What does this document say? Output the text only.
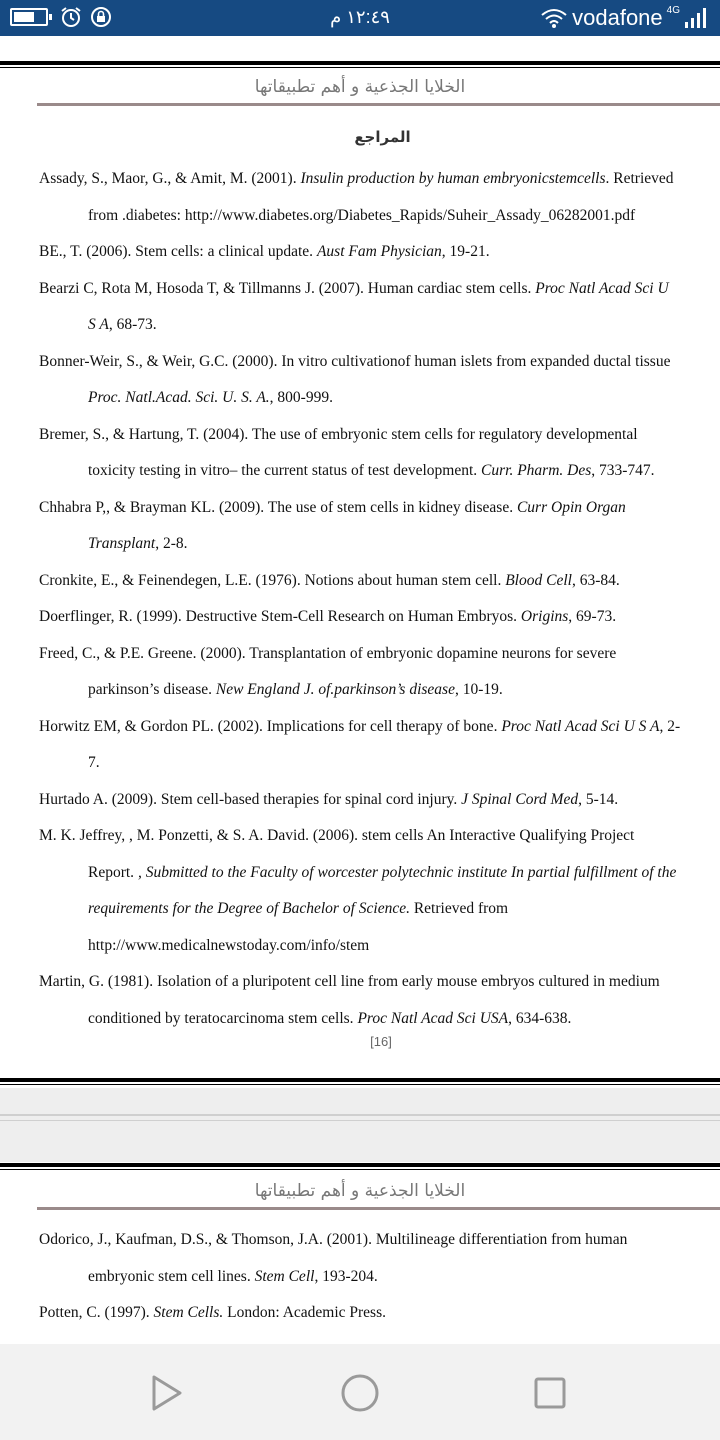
١٢:٤٩ م	vodafone 4G
الخلايا الجذعية و أهم تطبيقاتها
المراجع
Assady, S., Maor, G., & Amit, M. (2001). Insulin production by human embryonicstemcells. Retrieved
from .diabetes: http://www.diabetes.org/Diabetes_Rapids/Suheir_Assady_06282001.pdf
BE., T. (2006). Stem cells: a clinical update. Aust Fam Physician, 19-21.
Bearzi C, Rota M, Hosoda T, & Tillmanns J. (2007). Human cardiac stem cells. Proc Natl Acad Sci U
S A, 68-73.
Bonner-Weir, S., & Weir, G.C. (2000). In vitro cultivationof human islets from expanded ductal tissue
Proc. Natl.Acad. Sci. U. S. A., 800-999.
Bremer, S., & Hartung, T. (2004). The use of embryonic stem cells for regulatory developmental
toxicity testing in vitro– the current status of test development. Curr. Pharm. Des, 733-747.
Chhabra P,, & Brayman KL. (2009). The use of stem cells in kidney disease. Curr Opin Organ
Transplant, 2-8.
Cronkite, E., & Feinendegen, L.E. (1976). Notions about human stem cell. Blood Cell, 63-84.
Doerflinger, R. (1999). Destructive Stem-Cell Research on Human Embryos. Origins, 69-73.
Freed, C., & P.E. Greene. (2000). Transplantation of embryonic dopamine neurons for severe
parkinson’s disease. New England J. of.parkinson’s disease, 10-19.
Horwitz EM, & Gordon PL. (2002). Implications for cell therapy of bone. Proc Natl Acad Sci U S A, 2-
7.
Hurtado A. (2009). Stem cell-based therapies for spinal cord injury. J Spinal Cord Med, 5-14.
M. K. Jeffrey, , M. Ponzetti, & S. A. David. (2006). stem cells An Interactive Qualifying Project
Report. , Submitted to the Faculty of worcester polytechnic institute In partial fulfillment of the
requirements for the Degree of Bachelor of Science. Retrieved from
http://www.medicalnewstoday.com/info/stem
Martin, G. (1981). Isolation of a pluripotent cell line from early mouse embryos cultured in medium
conditioned by teratocarcinoma stem cells. Proc Natl Acad Sci USA, 634-638.
[16]
الخلايا الجذعية و أهم تطبيقاتها
Odorico, J., Kaufman, D.S., & Thomson, J.A. (2001). Multilineage differentiation from human
embryonic stem cell lines. Stem Cell, 193-204.
Potten, C. (1997). Stem Cells. London: Academic Press.
